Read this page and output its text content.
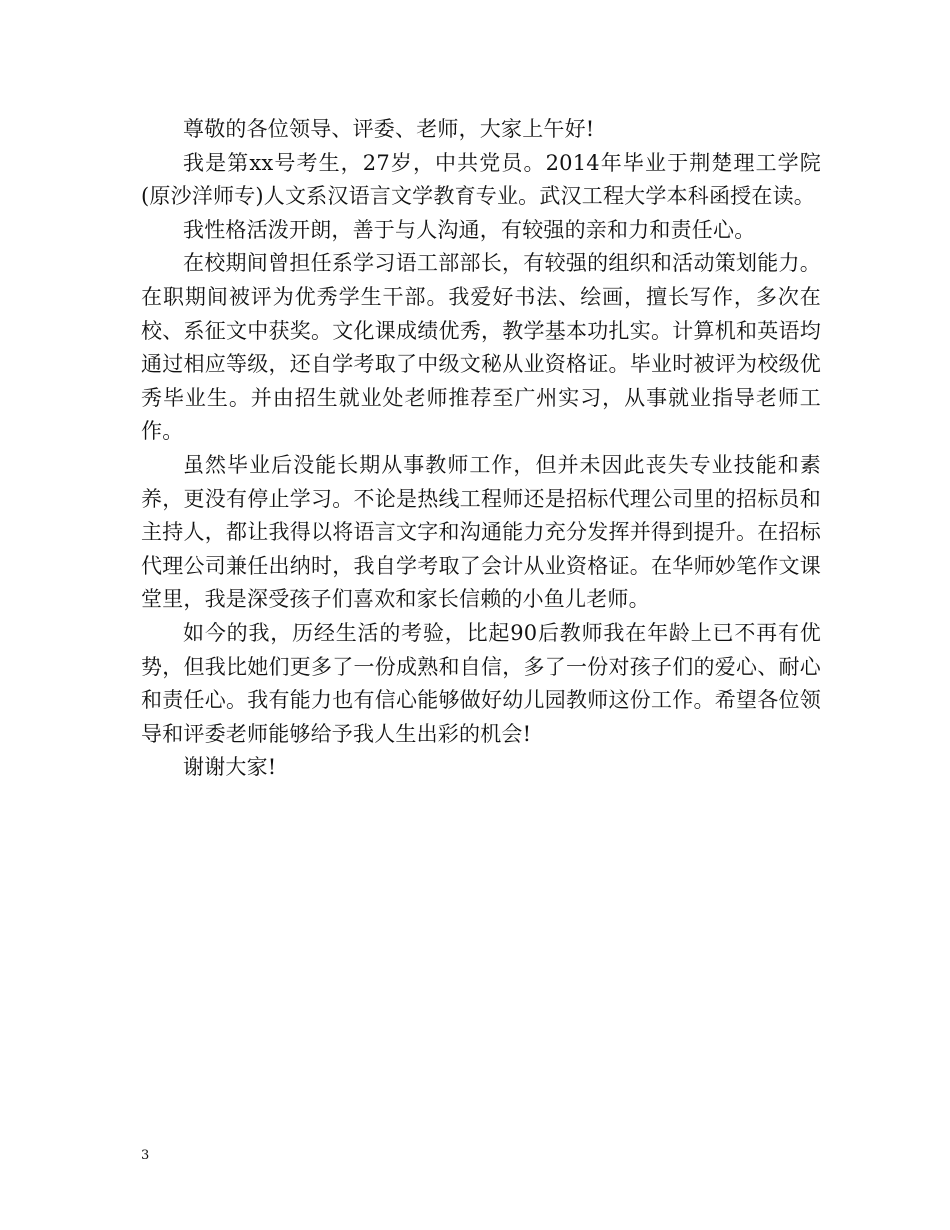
尊敬的各位领导、评委、老师，大家上午好!

我是第xx号考生，27岁，中共党员。2014年毕业于荆楚理工学院(原沙洋师专)人文系汉语言文学教育专业。武汉工程大学本科函授在读。

我性格活泼开朗，善于与人沟通，有较强的亲和力和责任心。

在校期间曾担任系学习语工部部长，有较强的组织和活动策划能力。在职期间被评为优秀学生干部。我爱好书法、绘画，擅长写作，多次在校、系征文中获奖。文化课成绩优秀，教学基本功扎实。计算机和英语均通过相应等级，还自学考取了中级文秘从业资格证。毕业时被评为校级优秀毕业生。并由招生就业处老师推荐至广州实习，从事就业指导老师工作。

虽然毕业后没能长期从事教师工作，但并未因此丧失专业技能和素养，更没有停止学习。不论是热线工程师还是招标代理公司里的招标员和主持人，都让我得以将语言文字和沟通能力充分发挥并得到提升。在招标代理公司兼任出纳时，我自学考取了会计从业资格证。在华师妙笔作文课堂里，我是深受孩子们喜欢和家长信赖的小鱼儿老师。

如今的我，历经生活的考验，比起90后教师我在年龄上已不再有优势，但我比她们更多了一份成熟和自信，多了一份对孩子们的爱心、耐心和责任心。我有能力也有信心能够做好幼儿园教师这份工作。希望各位领导和评委老师能够给予我人生出彩的机会!

谢谢大家!

3
